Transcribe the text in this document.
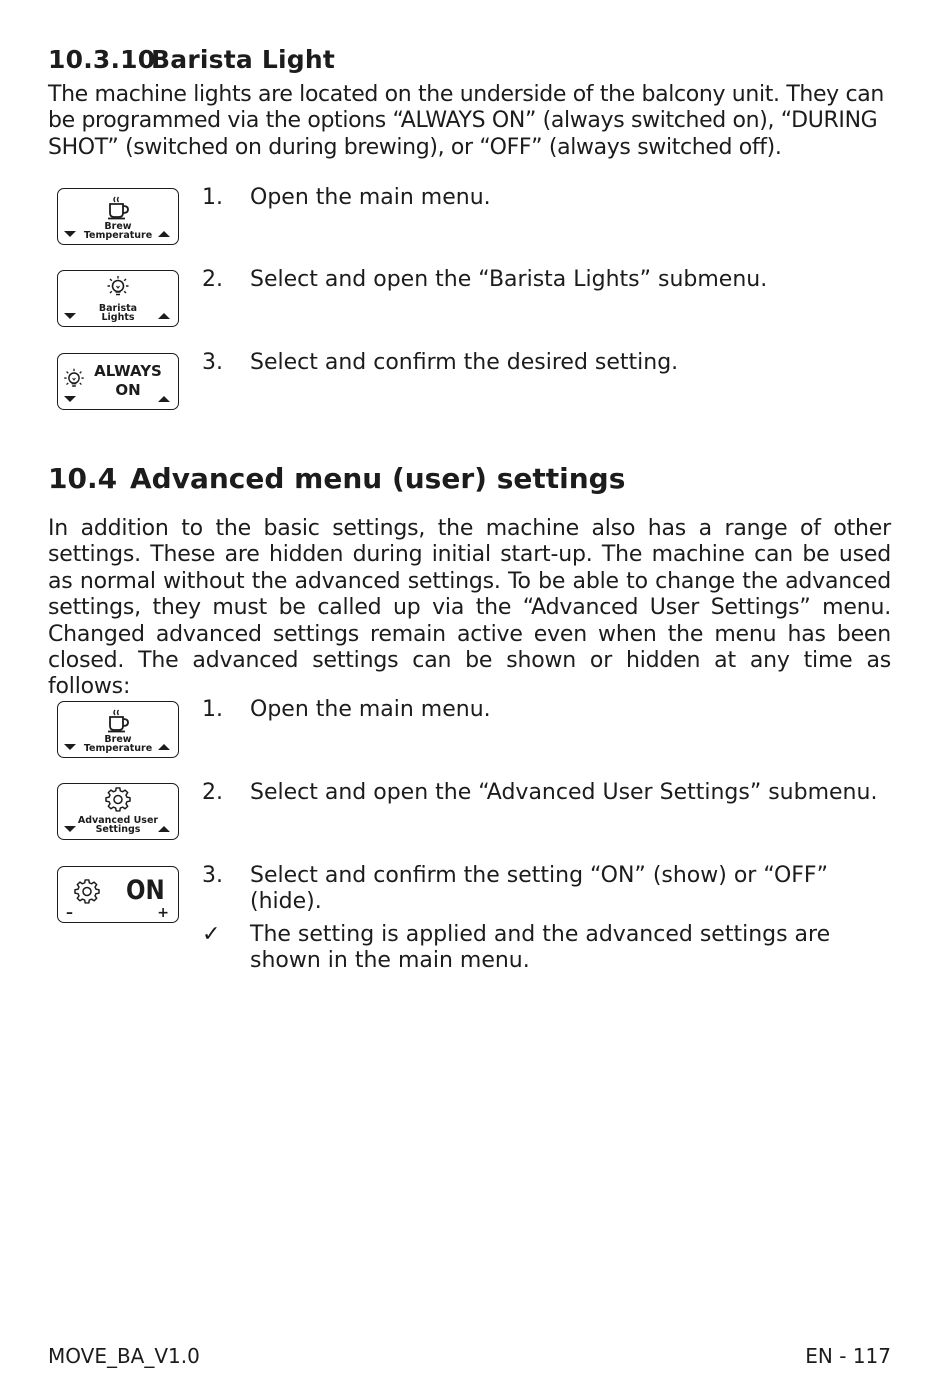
10.3.10Barista Light
The machine lights are located on the underside of the balcony unit. They can be programmed via the options “ALWAYS ON” (always switched on), “DURING SHOT” (switched on during brewing), or “OFF” (always switched off).
Brew
Temperature
1. Open the main menu.
Barista
Lights
2. Select and open the “Barista Lights” submenu.
ALWAYS
ON
3. Select and confirm the desired setting.
10.4 Advanced menu (user) settings
In addition to the basic settings, the machine also has a range of other settings. These are hidden during initial start-up. The machine can be used as normal without the advanced settings. To be able to change the advanced settings, they must be called up via the “Advanced User Settings” menu. Changed advanced settings remain active even when the menu has been closed. The advanced settings can be shown or hidden at any time as follows:
Brew
Temperature
1. Open the main menu.
Advanced User
Settings
2. Select and open the “Advanced User Settings” submenu.
ON
–	+
3. Select and confirm the setting “ON” (show) or “OFF” (hide).
✓ The setting is applied and the advanced settings are shown in the main menu.
MOVE_BA_V1.0	EN - 117
